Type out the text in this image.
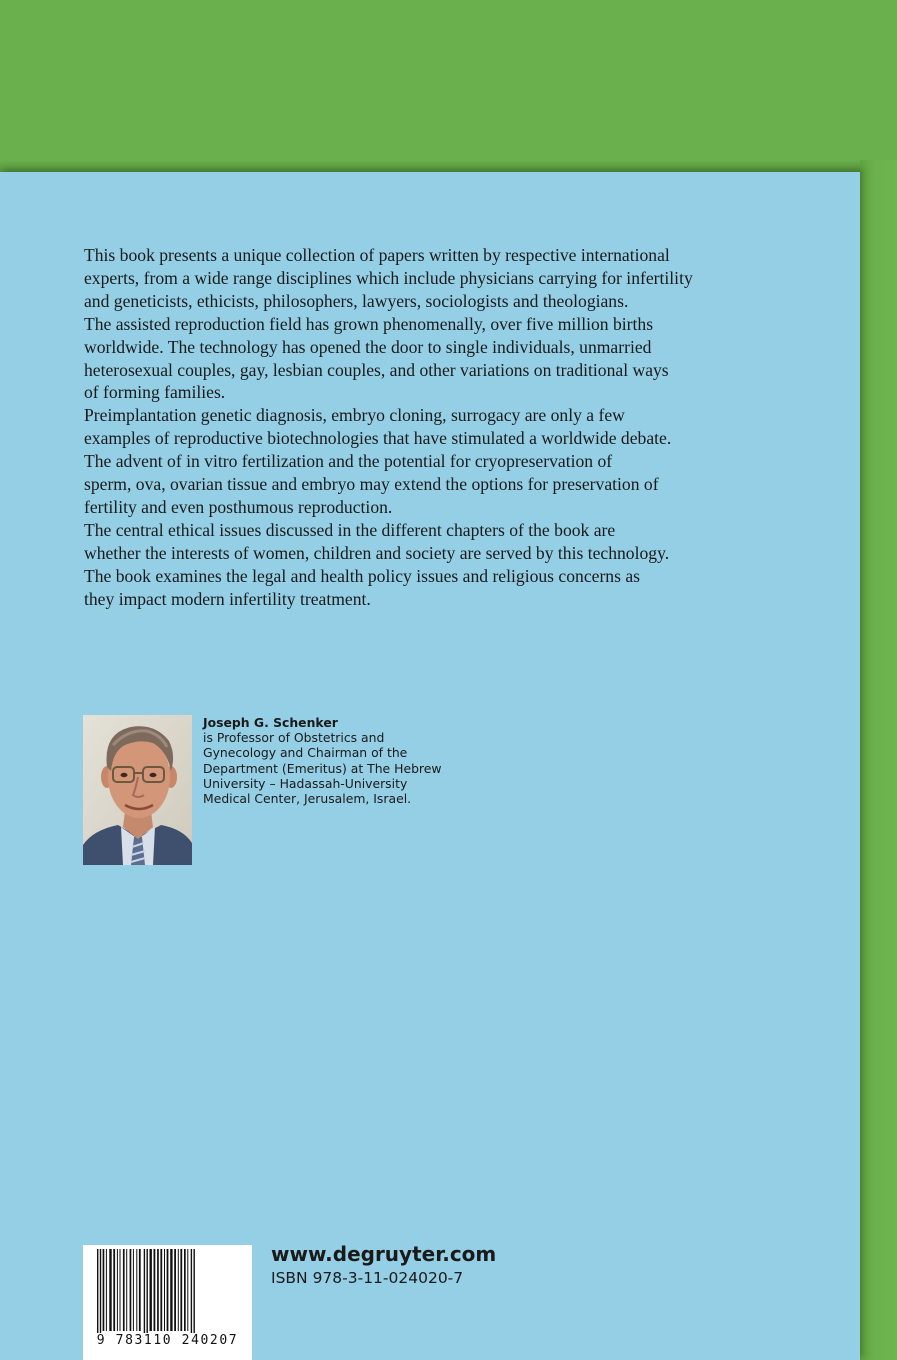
This book presents a unique collection of papers written by respective international

experts, from a wide range disciplines which include physicians carrying for infertility

and geneticists, ethicists, philosophers, lawyers, sociologists and theologians.

The assisted reproduction field has grown phenomenally, over five million births

worldwide. The technology has opened the door to single individuals, unmarried

heterosexual couples, gay, lesbian couples, and other variations on traditional ways

of forming families.

Preimplantation genetic diagnosis, embryo cloning, surrogacy are only a few

examples of reproductive biotechnologies that have stimulated a worldwide debate.

The advent of in vitro fertilization and the potential for cryopreservation of

sperm, ova, ovarian tissue and embryo may extend the options for preservation of

fertility and even posthumous reproduction.

The central ethical issues discussed in the different chapters of the book are

whether the interests of women, children and society are served by this technology.

The book examines the legal and health policy issues and religious concerns as

they impact modern infertility treatment.

Joseph G. Schenker
is Professor of Obstetrics and
Gynecology and Chairman of the
Department (Emeritus) at The Hebrew
University – Hadassah-University
Medical Center, Jerusalem, Israel.
9 783110 240207
www.degruyter.com
ISBN 978-3-11-024020-7
